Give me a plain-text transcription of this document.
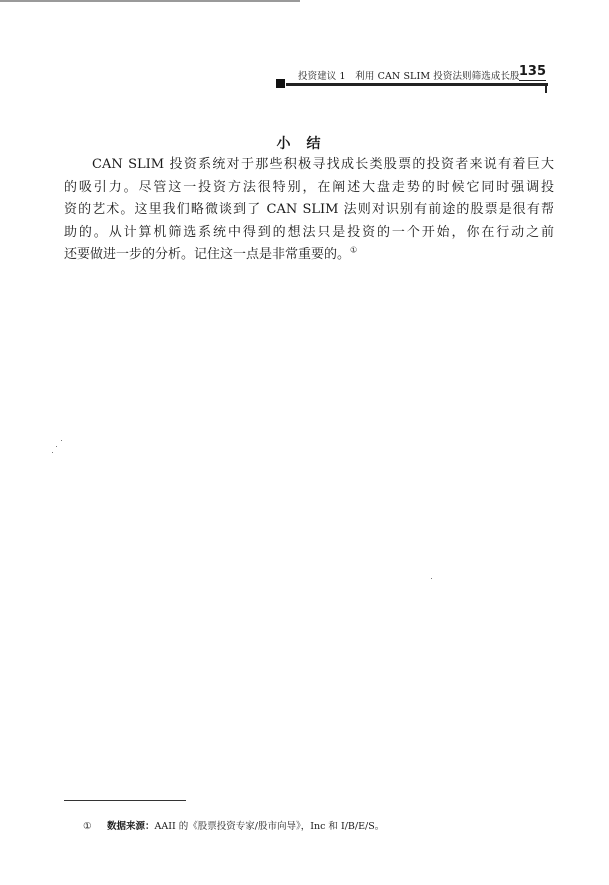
投资建议 1　利用 CAN SLIM 投资法则筛选成长股 135
小结
CAN SLIM 投资系统对于那些积极寻找成长类股票的投资者来说有着巨大
的吸引力。尽管这一投资方法很特别，在阐述大盘走势的时候它同时强调投
资的艺术。这里我们略微谈到了 CAN SLIM 法则对识别有前途的股票是很有帮
助的。从计算机筛选系统中得到的想法只是投资的一个开始，你在行动之前
还要做进一步的分析。记住这一点是非常重要的。①
① 数据来源：AAII 的《股票投资专家/股市向导》，Inc 和 I/B/E/S。
